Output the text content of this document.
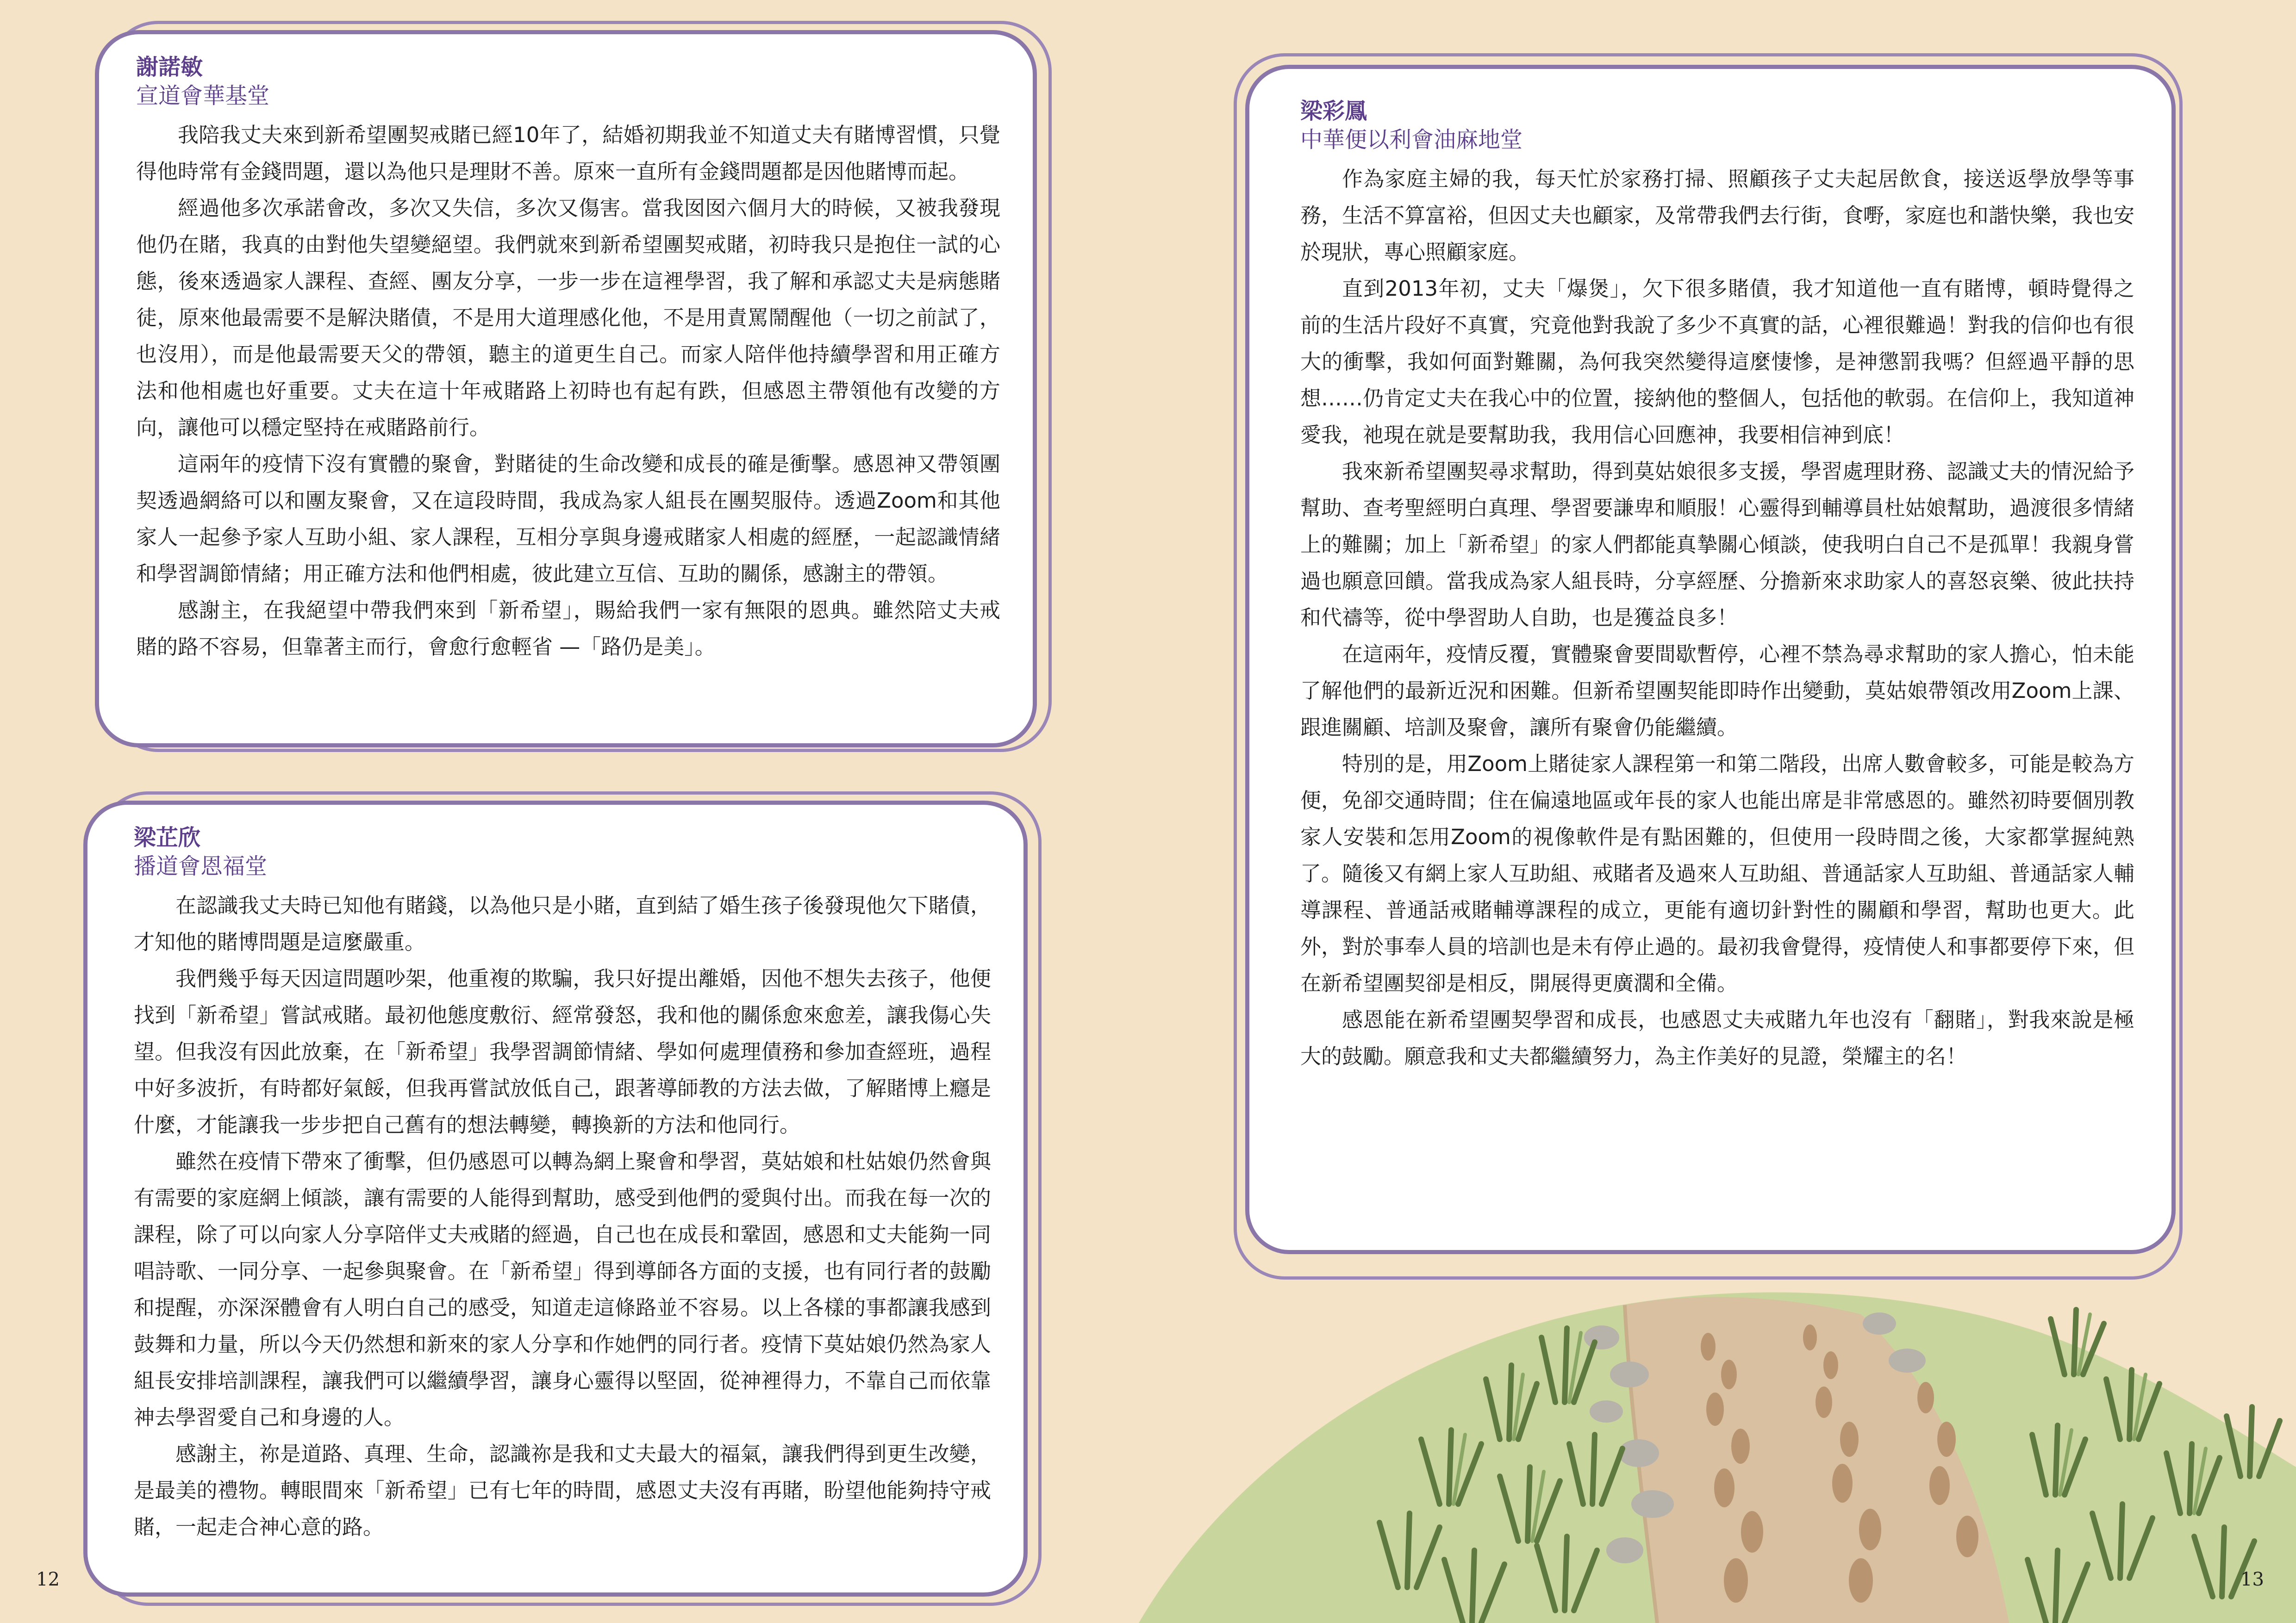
謝諾敏

宣道會華基堂

我陪我丈夫來到新希望團契戒賭已經10年了，結婚初期我並不知道丈夫有賭博習慣，只覺得他時常有金錢問題，還以為他只是理財不善。原來一直所有金錢問題都是因他賭博而起。

經過他多次承諾會改，多次又失信，多次又傷害。當我囡囡六個月大的時候，又被我發現他仍在賭，我真的由對他失望變絕望。我們就來到新希望團契戒賭，初時我只是抱住一試的心態，後來透過家人課程、查經、團友分享，一步一步在這裡學習，我了解和承認丈夫是病態賭徒，原來他最需要不是解決賭債，不是用大道理感化他，不是用責罵鬧醒他（一切之前試了，也沒用），而是他最需要天父的帶領，聽主的道更生自己。而家人陪伴他持續學習和用正確方法和他相處也好重要。丈夫在這十年戒賭路上初時也有起有跌，但感恩主帶領他有改變的方向，讓他可以穩定堅持在戒賭路前行。

這兩年的疫情下沒有實體的聚會，對賭徒的生命改變和成長的確是衝擊。感恩神又帶領團契透過網絡可以和團友聚會，又在這段時間，我成為家人組長在團契服侍。透過Zoom和其他家人一起參予家人互助小組、家人課程，互相分享與身邊戒賭家人相處的經歷，一起認識情緒和學習調節情緒；用正確方法和他們相處，彼此建立互信、互助的關係，感謝主的帶領。

感謝主，在我絕望中帶我們來到「新希望」，賜給我們一家有無限的恩典。雖然陪丈夫戒賭的路不容易，但靠著主而行，會愈行愈輕省 —「路仍是美」。

梁芷欣

播道會恩福堂

在認識我丈夫時已知他有賭錢，以為他只是小賭，直到結了婚生孩子後發現他欠下賭債，才知他的賭博問題是這麼嚴重。

我們幾乎每天因這問題吵架，他重複的欺騙，我只好提出離婚，因他不想失去孩子，他便找到「新希望」嘗試戒賭。最初他態度敷衍、經常發怒，我和他的關係愈來愈差，讓我傷心失望。但我沒有因此放棄，在「新希望」我學習調節情緒、學如何處理債務和參加查經班，過程中好多波折，有時都好氣餒，但我再嘗試放低自己，跟著導師教的方法去做，了解賭博上癮是什麼，才能讓我一步步把自己舊有的想法轉變，轉換新的方法和他同行。

雖然在疫情下帶來了衝擊，但仍感恩可以轉為網上聚會和學習，莫姑娘和杜姑娘仍然會與有需要的家庭網上傾談，讓有需要的人能得到幫助，感受到他們的愛與付出。而我在每一次的課程，除了可以向家人分享陪伴丈夫戒賭的經過，自己也在成長和鞏固，感恩和丈夫能夠一同唱詩歌、一同分享、一起參與聚會。在「新希望」得到導師各方面的支援，也有同行者的鼓勵和提醒，亦深深體會有人明白自己的感受，知道走這條路並不容易。以上各樣的事都讓我感到鼓舞和力量，所以今天仍然想和新來的家人分享和作她們的同行者。疫情下莫姑娘仍然為家人組長安排培訓課程，讓我們可以繼續學習，讓身心靈得以堅固，從神裡得力，不靠自己而依靠神去學習愛自己和身邊的人。

感謝主，祢是道路、真理、生命，認識祢是我和丈夫最大的福氣，讓我們得到更生改變，是最美的禮物。轉眼間來「新希望」已有七年的時間，感恩丈夫沒有再賭，盼望他能夠持守戒賭，一起走合神心意的路。

梁彩鳳

中華便以利會油麻地堂

作為家庭主婦的我，每天忙於家務打掃、照顧孩子丈夫起居飲食，接送返學放學等事務，生活不算富裕，但因丈夫也顧家，及常帶我們去行街，食嘢，家庭也和諧快樂，我也安於現狀，專心照顧家庭。

直到2013年初，丈夫「爆煲」，欠下很多賭債，我才知道他一直有賭博，頓時覺得之前的生活片段好不真實，究竟他對我說了多少不真實的話，心裡很難過！對我的信仰也有很大的衝擊，我如何面對難關，為何我突然變得這麼悽慘，是神懲罰我嗎？但經過平靜的思想……仍肯定丈夫在我心中的位置，接納他的整個人，包括他的軟弱。在信仰上，我知道神愛我，祂現在就是要幫助我，我用信心回應神，我要相信神到底！

我來新希望團契尋求幫助，得到莫姑娘很多支援，學習處理財務、認識丈夫的情況給予幫助、查考聖經明白真理、學習要謙卑和順服！心靈得到輔導員杜姑娘幫助，過渡很多情緒上的難關；加上「新希望」的家人們都能真摯關心傾談，使我明白自己不是孤單！我親身嘗過也願意回饋。當我成為家人組長時，分享經歷、分擔新來求助家人的喜怒哀樂、彼此扶持和代禱等，從中學習助人自助，也是獲益良多！

在這兩年，疫情反覆，實體聚會要間歇暫停，心裡不禁為尋求幫助的家人擔心，怕未能了解他們的最新近況和困難。但新希望團契能即時作出變動，莫姑娘帶領改用Zoom上課、跟進關顧、培訓及聚會，讓所有聚會仍能繼續。

特別的是，用Zoom上賭徒家人課程第一和第二階段，出席人數會較多，可能是較為方便，免卻交通時間；住在偏遠地區或年長的家人也能出席是非常感恩的。雖然初時要個別教家人安裝和怎用Zoom的視像軟件是有點困難的，但使用一段時間之後，大家都掌握純熟了。隨後又有網上家人互助組、戒賭者及過來人互助組、普通話家人互助組、普通話家人輔導課程、普通話戒賭輔導課程的成立，更能有適切針對性的關顧和學習，幫助也更大。此外，對於事奉人員的培訓也是未有停止過的。最初我會覺得，疫情使人和事都要停下來，但在新希望團契卻是相反，開展得更廣濶和全備。

感恩能在新希望團契學習和成長，也感恩丈夫戒賭九年也沒有「翻賭」，對我來說是極大的鼓勵。願意我和丈夫都繼續努力，為主作美好的見證，榮耀主的名！

12	13
